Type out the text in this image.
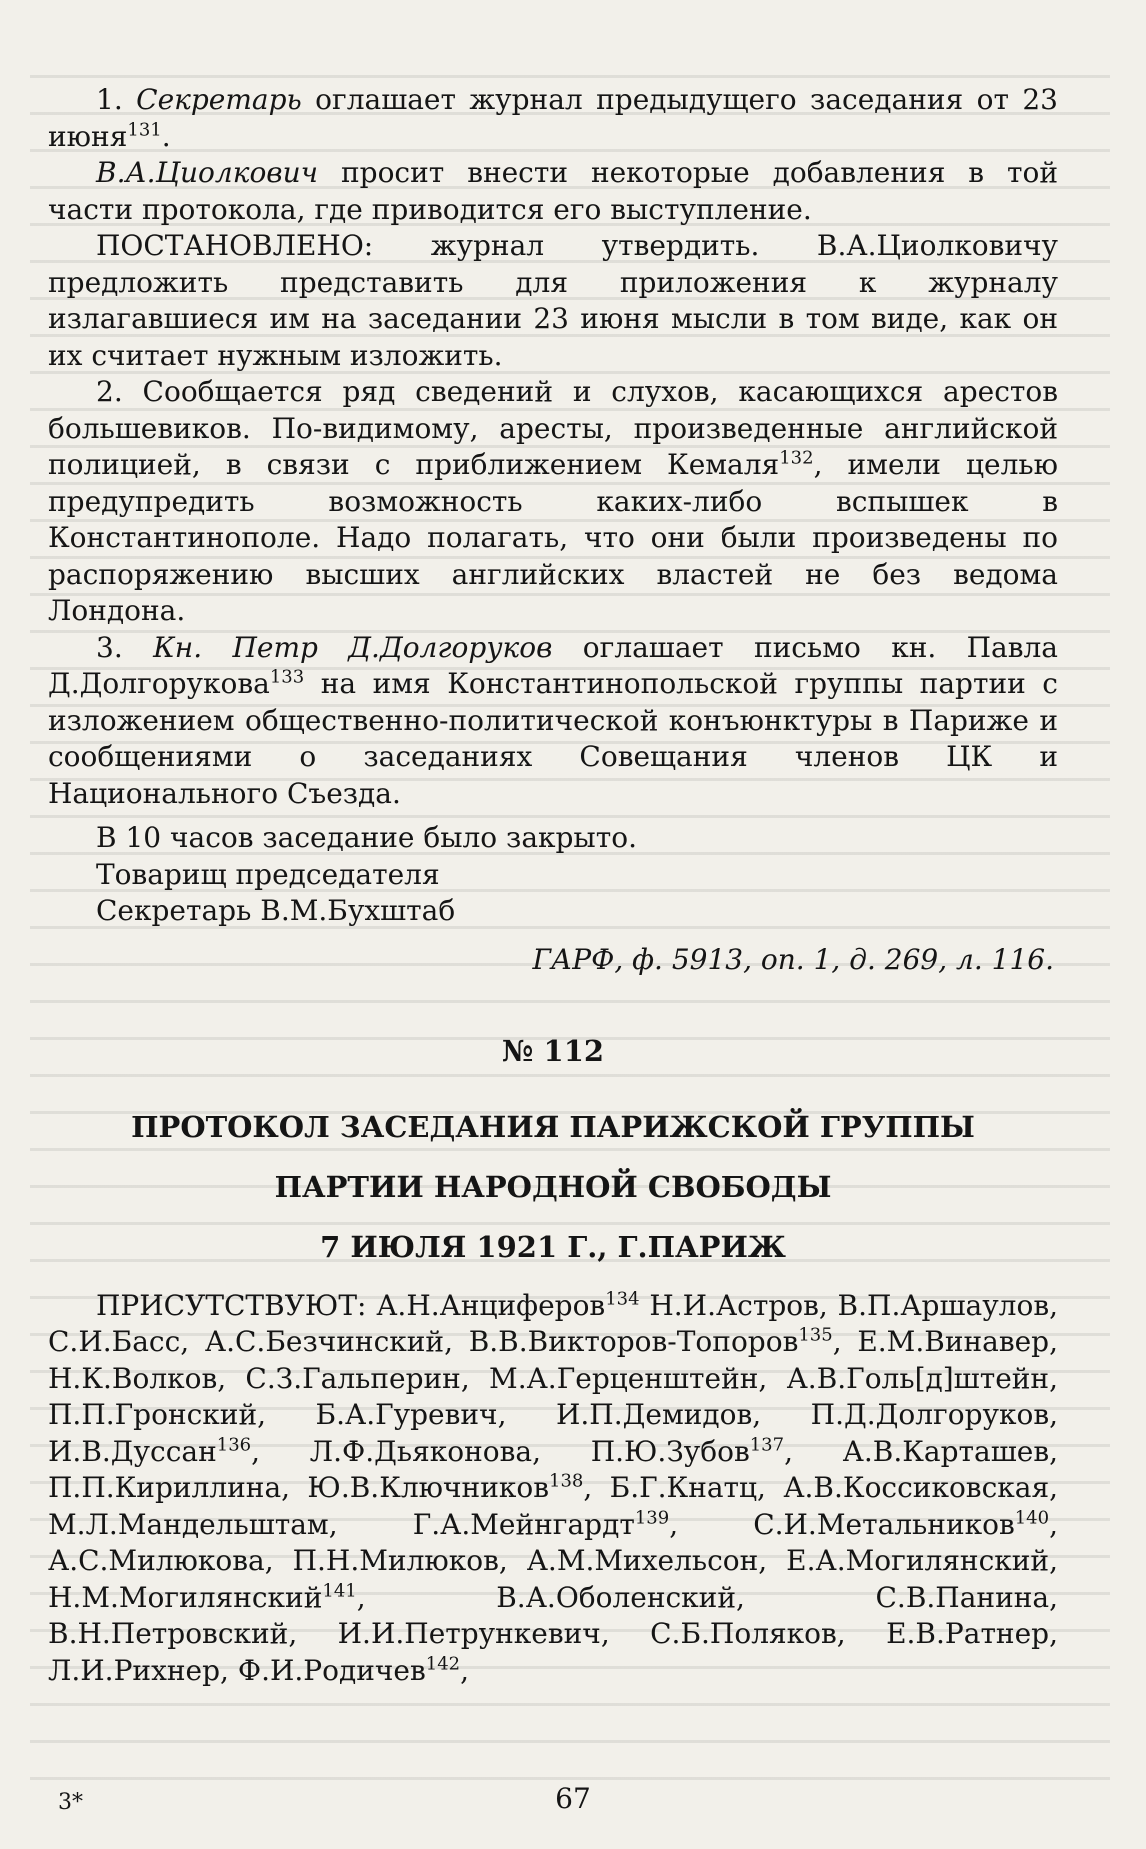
1. Секретарь оглашает журнал предыдущего заседания от 23 июня$^{131}$.

В.А.Циолкович просит внести некоторые добавления в той части протокола, где приводится его выступление.

ПОСТАНОВЛЕНО: журнал утвердить. В.А.Циолковичу предложить представить для приложения к журналу излагавшиеся им на заседании 23 июня мысли в том виде, как он их считает нужным изложить.

2. Сообщается ряд сведений и слухов, касающихся арестов большевиков. По-видимому, аресты, произведенные английской полицией, в связи с приближением Кемаля$^{132}$, имели целью предупредить возможность каких-либо вспышек в Константинополе. Надо полагать, что они были произведены по распоряжению высших английских властей не без ведома Лондона.

3. Кн. Петр Д.Долгоруков оглашает письмо кн. Павла Д.Долгорукова$^{133}$ на имя Константинопольской группы партии с изложением общественно-политической конъюнктуры в Париже и сообщениями о заседаниях Совещания членов ЦК и Национального Съезда.

В 10 часов заседание было закрыто.

Товарищ председателя

Секретарь В.М.Бухштаб

ГАРФ, ф. 5913, оп. 1, д. 269, л. 116.

№ 112

ПРОТОКОЛ ЗАСЕДАНИЯ ПАРИЖСКОЙ ГРУППЫ

ПАРТИИ НАРОДНОЙ СВОБОДЫ

7 ИЮЛЯ 1921 Г., Г.ПАРИЖ

ПРИСУТСТВУЮТ: А.Н.Анциферов$^{134}$ Н.И.Астров, В.П.Аршаулов, С.И.Басс, А.С.Безчинский, В.В.Викторов-Топоров$^{135}$, Е.М.Винавер, Н.К.Волков, С.З.Гальперин, М.А.Герценштейн, А.В.Голь[д]штейн, П.П.Гронский, Б.А.Гуревич, И.П.Демидов, П.Д.Долгоруков, И.В.Дуссан$^{136}$, Л.Ф.Дьяконова, П.Ю.Зубов$^{137}$, А.В.Карташев, П.П.Кириллина, Ю.В.Ключников$^{138}$, Б.Г.Кнатц, А.В.Коссиковская, М.Л.Мандельштам, Г.А.Мейнгардт$^{139}$, С.И.Метальников$^{140}$, А.С.Милюкова, П.Н.Милюков, А.М.Михельсон, Е.А.Могилянский, Н.М.Могилянский$^{141}$, В.А.Оболенский, С.В.Панина, В.Н.Петровский, И.И.Петрункевич, С.Б.Поляков, Е.В.Ратнер, Л.И.Рихнер, Ф.И.Родичев$^{142}$,

3*	67
